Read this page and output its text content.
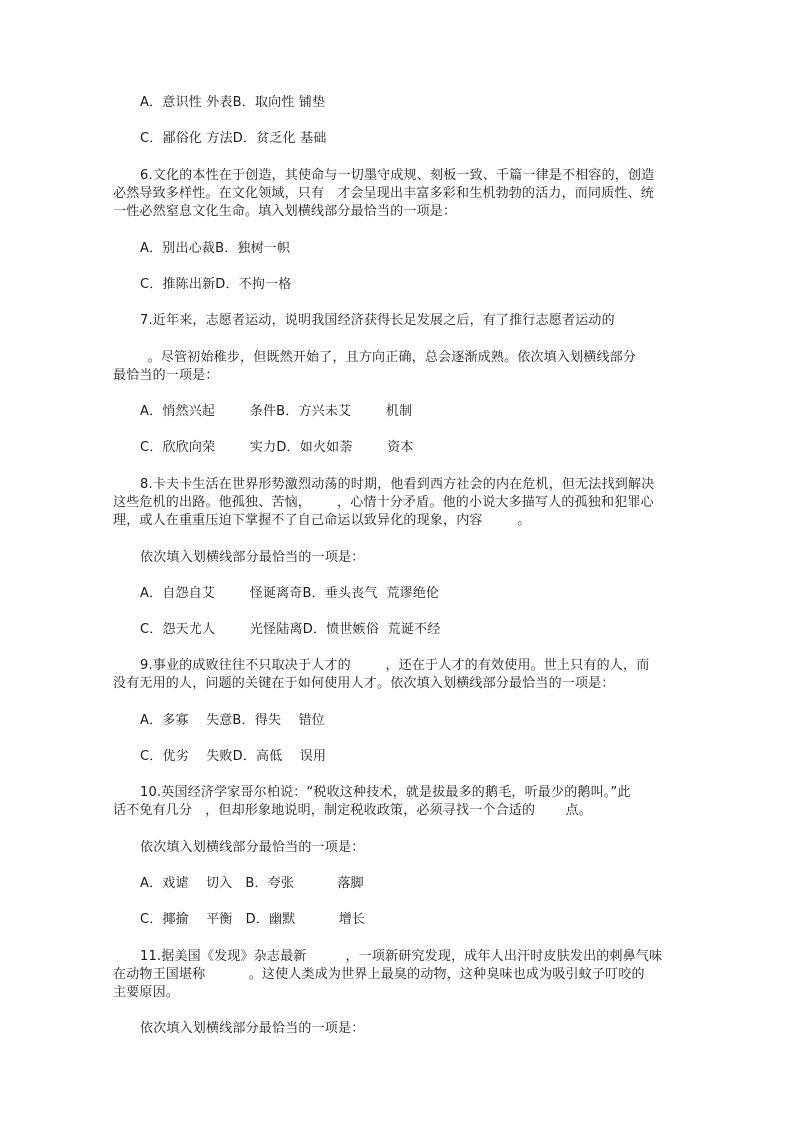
A．意识性 外表B．取向性 铺垫
C．鄙俗化 方法D．贫乏化 基础
6.文化的本性在于创造，其使命与一切墨守成规、刻板一致、千篇一律是不相容的，创造
必然导致多样性。在文化领域，只有   才会呈现出丰富多彩和生机勃勃的活力，而同质性、统
一性必然窒息文化生命。填入划横线部分最恰当的一项是：
A．别出心裁B．独树一帜
C．推陈出新D．不拘一格
7.近年来，志愿者运动，说明我国经济获得长足发展之后，有了推行志愿者运动的
。尽管初始稚步，但既然开始了，且方向正确，总会逐渐成熟。依次填入划横线部分
最恰当的一项是：
A．悄然兴起        条件B．方兴未艾        机制
C．欣欣向荣        实力D．如火如荼        资本
8.卡夫卡生活在世界形势激烈动荡的时期，他看到西方社会的内在危机，但无法找到解决
这些危机的出路。他孤独、苦恼，      ，心情十分矛盾。他的小说大多描写人的孤独和犯罪心
理，或人在重重压迫下掌握不了自己命运以致异化的现象，内容        。
依次填入划横线部分最恰当的一项是：
A．自怨自艾        怪诞离奇B．垂头丧气  荒谬绝伦
C．怨天尤人        光怪陆离D．愤世嫉俗  荒诞不经
9.事业的成败往往不只取决于人才的        ，还在于人才的有效使用。世上只有的人，而
没有无用的人，问题的关键在于如何使用人才。依次填入划横线部分最恰当的一项是：
A．多寡    失意B．得失    错位
C．优劣    失败D．高低    误用
10.英国经济学家哥尔柏说：“税收这种技术，就是拔最多的鹅毛，听最少的鹅叫。”此
话不免有几分   ，但却形象地说明，制定税收政策，必须寻找一个合适的       点。
依次填入划横线部分最恰当的一项是：
A．戏谑    切入   B．夸张          落脚
C．揶揄    平衡   D．幽默          增长
11.据美国《发现》杂志最新         ，一项新研究发现，成年人出汗时皮肤发出的刺鼻气味
在动物王国堪称          。这使人类成为世界上最臭的动物，这种臭味也成为吸引蚊子叮咬的
主要原因。
依次填入划横线部分最恰当的一项是：
